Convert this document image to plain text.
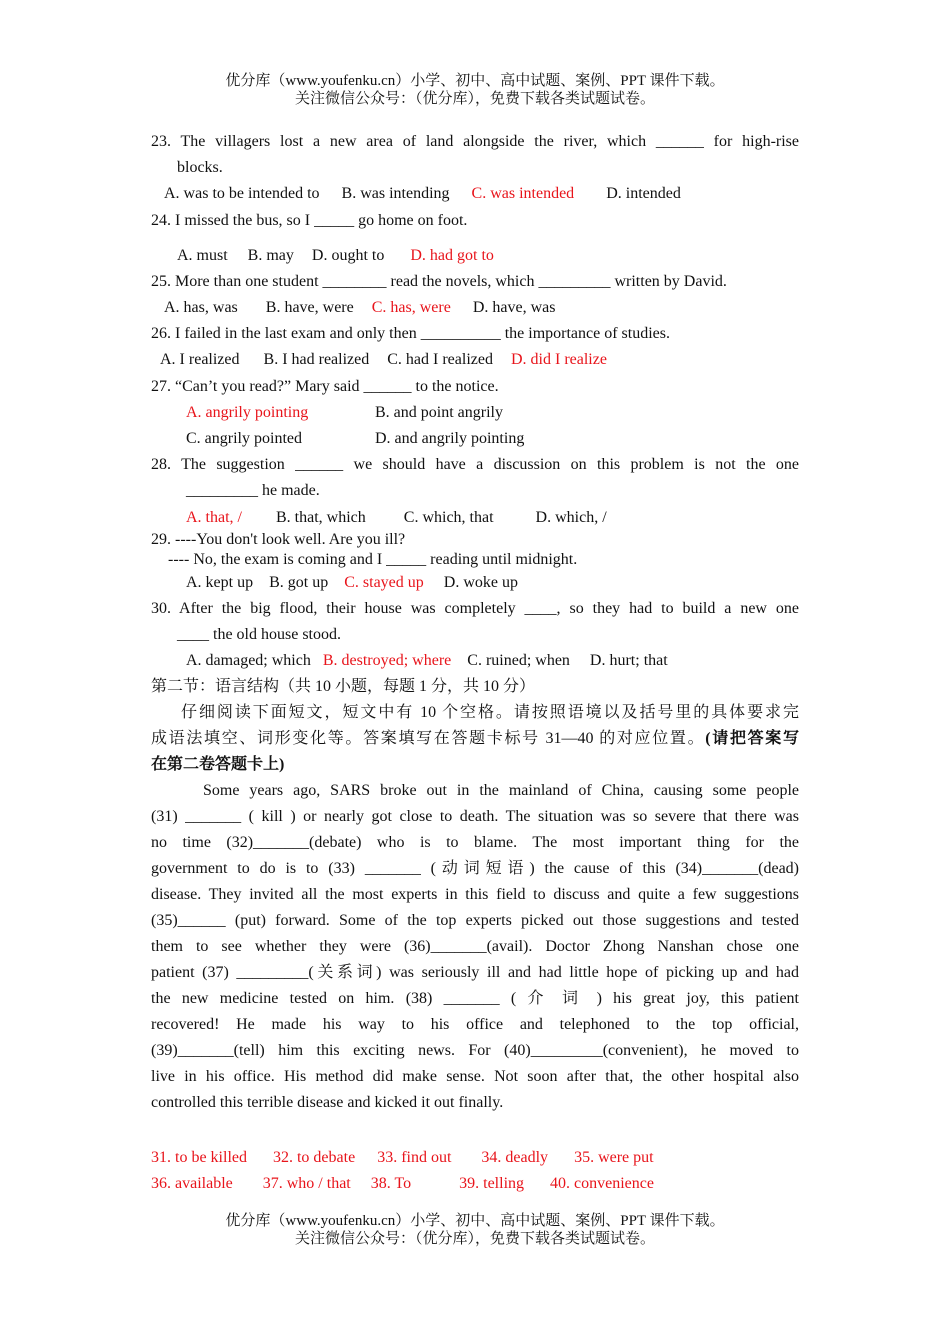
优分库（www.youfenku.cn）小学、初中、高中试题、案例、PPT 课件下载。
关注微信公众号：（优分库），免费下载各类试题试卷。
23. The villagers lost a new area of land alongside the river, which ______ for high-rise
blocks.
A. was to be intended to B. was intending C. was intended D. intended
24. I missed the bus, so I _____ go home on foot.
A. must B. may D. ought to D. had got to
25. More than one student ________ read the novels, which _________ written by David.
A. has, was B. have, were C. has, were D. have, was
26. I failed in the last exam and only then __________ the importance of studies.
A. I realized B. I had realized C. had I realized D. did I realize
27. “Can’t you read?” Mary said ______ to the notice.
A. angrily pointing	B. and point angrily
C. angrily pointed	D. and angrily pointing
28. The suggestion ______ we should have a discussion on this problem is not the one
_________ he made.
A. that, / B. that, which C. which, that	D. which, /
29. ----You don't look well. Are you ill?
---- No, the exam is coming and I _____ reading until midnight.
A. kept up B. got up C. stayed up D. woke up
30. After the big flood, their house was completely ____, so they had to build a new one
____ the old house stood.
A. damaged; which B. destroyed; where C. ruined; when D. hurt; that
第二节：语言结构（共 10 小题，每题 1 分，共 10 分）
仔细阅读下面短文，短文中有 10 个空格。请按照语境以及括号里的具体要求完
成语法填空、词形变化等。答案填写在答题卡标号 31—40 的对应位置。(请把答案写
在第二卷答题卡上)
Some years ago, SARS broke out in the mainland of China, causing some people
(31) _______ ( kill ) or nearly got close to death. The situation was so severe that there was
no time (32)_______(debate) who is to blame. The most important thing for the
government to do is to (33) _______ (动词短语) the cause of this (34)_______(dead)
disease. They invited all the most experts in this field to discuss and quite a few suggestions
(35)______ (put) forward. Some of the top experts picked out those suggestions and tested
them to see whether they were (36)_______(avail). Doctor Zhong Nanshan chose one
patient (37) _________(关系词) was seriously ill and had little hope of picking up and had
the new medicine tested on him. (38) _______ ( 介 词 ) his great joy, this patient
recovered! He made his way to his office and telephoned to the top official,
(39)_______(tell) him this exciting news. For (40)_________(convenient), he moved to
live in his office. His method did make sense. Not soon after that, the other hospital also
controlled this terrible disease and kicked it out finally.
31. to be killed 32. to debate 33. find out 34. deadly 35. were put
36. available 37. who / that 38. To	39. telling 40. convenience
优分库（www.youfenku.cn）小学、初中、高中试题、案例、PPT 课件下载。
关注微信公众号：（优分库），免费下载各类试题试卷。
